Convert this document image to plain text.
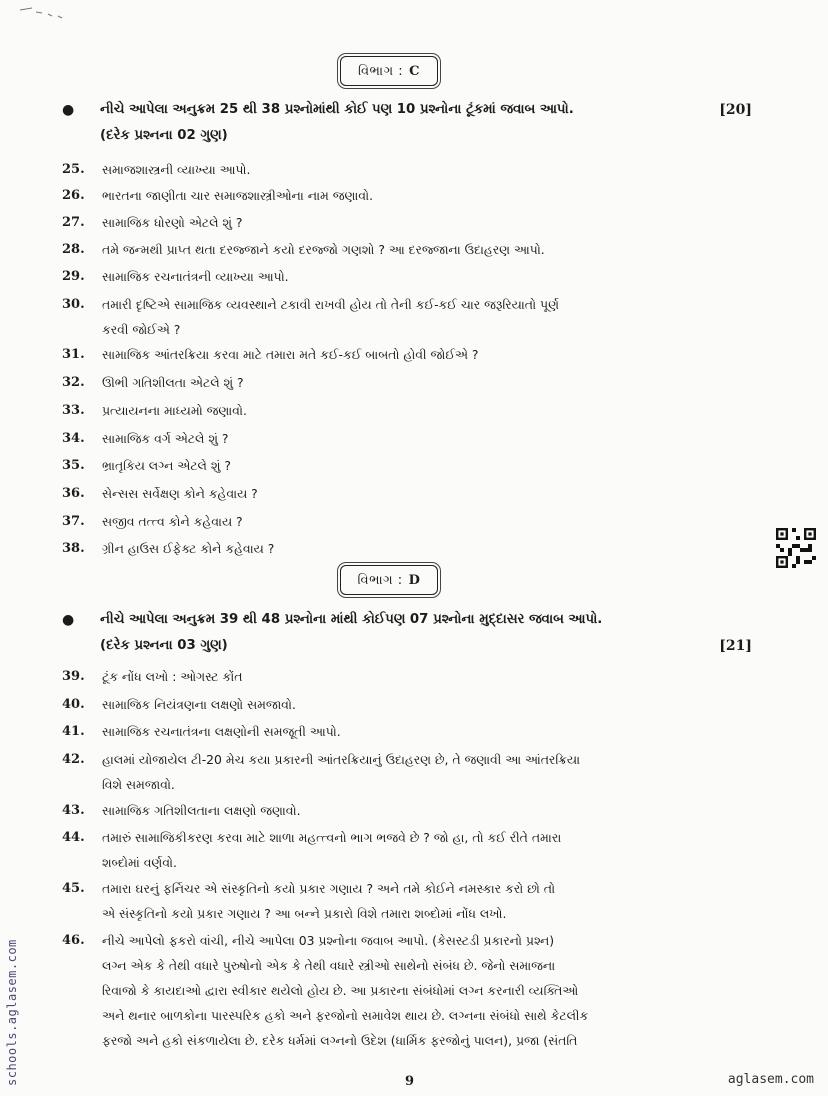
વિભાગ : C
● નીચે આપેલા અનુક્રમ 25 થી 38 પ્રશ્નોમાંથી કોઈ પણ 10 પ્રશ્નોના ટૂંકમાં જવાબ આપો.
(દરેક પ્રશ્નના 02 ગુણ)
[20]
25. સમાજશાસ્ત્રની વ્યાખ્યા આપો.
26. ભારતના જાણીતા ચાર સમાજશાસ્ત્રીઓના નામ જણાવો.
27. સામાજિક ધોરણો એટલે શું ?
28. તમે જન્મથી પ્રાપ્ત થતા દરજ્જાને કયો દરજ્જો ગણશો ? આ દરજ્જાના ઉદાહરણ આપો.
29. સામાજિક રચનાતંત્રની વ્યાખ્યા આપો.
30. તમારી દૃષ્ટિએ સામાજિક વ્યવસ્થાને ટકાવી રાખવી હોય તો તેની કઈ-કઈ ચાર જરૂરિયાતો પૂર્ણ
કરવી જોઈએ ?
31. સામાજિક આંતરક્રિયા કરવા માટે તમારા મતે કઈ-કઈ બાબતો હોવી જોઈએ ?
32. ઊભી ગતિશીલતા એટલે શું ?
33. પ્રત્યાયનના માધ્યમો જણાવો.
34. સામાજિક વર્ગ એટલે શું ?
35. ભ્રાતૃકિય લગ્ન એટલે શું ?
36. સેન્સસ સર્વેક્ષણ કોને કહેવાય ?
37. સજીવ તત્ત્વ કોને કહેવાય ?
38. ગ્રીન હાઉસ ઈફેક્ટ કોને કહેવાય ?
વિભાગ : D
● નીચે આપેલા અનુક્રમ 39 થી 48 પ્રશ્નોના માંથી કોઈપણ 07 પ્રશ્નોના મુદ્દાસર જવાબ આપો.
(દરેક પ્રશ્નના 03 ગુણ)	[21]
39. ટૂંક નોંધ લખો : ઓગસ્ટ કોંત
40. સામાજિક નિયંત્રણના લક્ષણો સમજાવો.
41. સામાજિક રચનાતંત્રના લક્ષણોની સમજૂતી આપો.
42. હાલમાં યોજાયેલ ટી-20 મેચ કયા પ્રકારની આંતરક્રિયાનું ઉદાહરણ છે, તે જણાવી આ આંતરક્રિયા
વિશે સમજાવો.
43. સામાજિક ગતિશીલતાના લક્ષણો જણાવો.
44. તમારું સામાજિકીકરણ કરવા માટે શાળા મહત્ત્વનો ભાગ ભજવે છે ? જો હા, તો કઈ રીતે તમારા
શબ્દોમાં વર્ણવો.
45. તમારા ઘરનું ફર્નિચર એ સંસ્કૃતિનો કયો પ્રકાર ગણાય ? અને તમે કોઈને નમસ્કાર કરો છો તો
એ સંસ્કૃતિનો કયો પ્રકાર ગણાય ? આ બન્ને પ્રકારો વિશે તમારા શબ્દોમાં નોંધ લખો.
46. નીચે આપેલો ફકરો વાંચી, નીચે આપેલા 03 પ્રશ્નોના જવાબ આપો. (કેસસ્ટડી પ્રકારનો પ્રશ્ન)
લગ્ન એક કે તેથી વધારે પુરુષોનો એક કે તેથી વધારે સ્ત્રીઓ સાથેનો સંબંધ છે. જેનો સમાજના
રિવાજો કે કાયદાઓ દ્વારા સ્વીકાર થયેલો હોય છે. આ પ્રકારના સંબંધોમાં લગ્ન કરનારી વ્યક્તિઓ
અને થનાર બાળકોના પારસ્પરિક હકો અને ફરજોનો સમાવેશ થાય છે. લગ્નના સંબંધો સાથે કેટલીક
ફરજો અને હકો સંકળાયેલા છે. દરેક ધર્મમાં લગ્નનો ઉદેશ (ધાર્મિક ફરજોનું પાલન), પ્રજા (સંતતિ
9
schools.aglasem.com	aglasem.com
